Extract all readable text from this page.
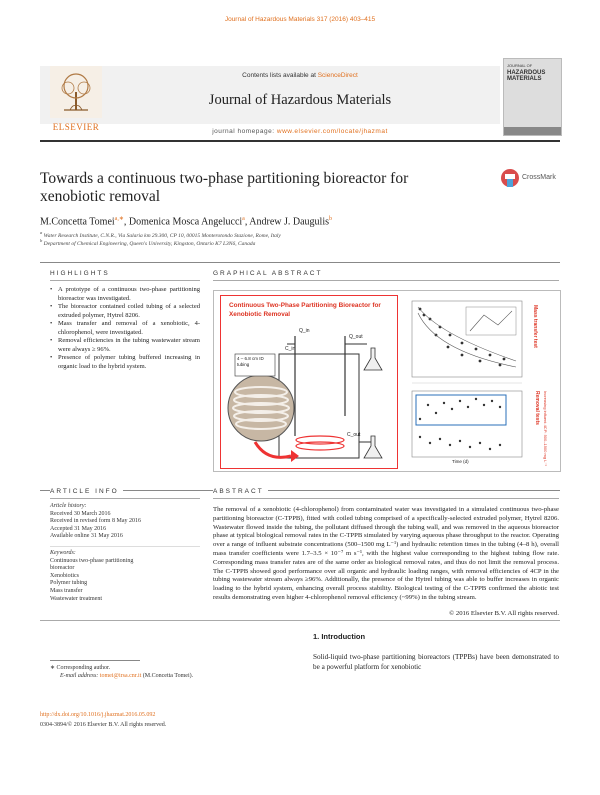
Journal of Hazardous Materials 317 (2016) 403–415
ELSEVIER
Contents lists available at ScienceDirect
Journal of Hazardous Materials
journal homepage: www.elsevier.com/locate/jhazmat
JOURNAL OF
HAZARDOUS
MATERIALS
Towards a continuous two-phase partitioning bioreactor for xenobiotic removal
CrossMark
M.Concetta Tomei$^{a,∗}$, Domenica Mosca Angelucci$^a$, Andrew J. Daugulis$^b$
$^a$ Water Research Institute, C.N.R., Via Salaria km 29.300, CP 10, 00015 Monterotondo Stazione, Rome, Italy
$^b$ Department of Chemical Engineering, Queen's University, Kingston, Ontario K7 L3N6, Canada
HIGHLIGHTS
• A prototype of a continuous two-phase partitioning bioreactor was investigated.
• The bioreactor contained coiled tubing of a selected extruded polymer, Hytrel 8206.
• Mass transfer and removal of a xenobiotic, 4-chlorophenol, were investigated.
• Removal efficiencies in the tubing wastewater stream were always ≥ 96%.
• Presence of polymer tubing buffered increasing in organic load to the hybrid system.
GRAPHICAL ABSTRACT
Continuous Two-Phase Partitioning Bioreactor for Xenobiotic Removal
Q_in
Q_out
C_in
C_out
4 – 6.8 cm ID tubing
Mass transfer test
Removal tests Increasing influent 4CP: 500–1500 mg L⁻¹
Time (d)
ARTICLE INFO
Article history:
Received 30 March 2016
Received in revised form 8 May 2016
Accepted 31 May 2016
Available online 31 May 2016
Keywords:
Continuous two-phase partitioning
bioreactor
Xenobiotics
Polymer tubing
Mass transfer
Wastewater treatment
ABSTRACT
The removal of a xenobiotic (4-chlorophenol) from contaminated water was investigated in a simulated continuous two-phase partitioning bioreactor (C-TPPB), fitted with coiled tubing comprised of a specifically-selected extruded polymer, Hytrel 8206. Wastewater flowed inside the tubing, the pollutant diffused through the tubing wall, and was removed in the aqueous bioreactor phase at typical biological removal rates in the C-TPPB simulated by varying aqueous phase throughput to the reactor. Operating over a range of influent substrate concentrations (500–1500 mg L⁻¹) and hydraulic retention times in the tubing (4–8 h), overall mass transfer coefficients were 1.7–3.5 × 10⁻⁷ m s⁻¹, with the highest value corresponding to the highest tubing flow rate. Corresponding mass transfer rates are of the same order as biological removal rates, and thus do not limit the removal process. The C-TPPB showed good performance over all organic and hydraulic loading ranges, with removal efficiencies of 4CP in the tubing wastewater stream always ≥96%. Additionally, the presence of the Hytrel tubing was able to buffer increases in organic loading to the hybrid system, enhancing overall process stability. Biological testing of the C-TPPB confirmed the abiotic test results demonstrating even higher 4-chlorophenol removal efficiency (~99%) in the tubing stream.
© 2016 Elsevier B.V. All rights reserved.
1. Introduction
Solid-liquid two-phase partitioning bioreactors (TPPBs) have been demonstrated to be a powerful platform for xenobiotic
∗ Corresponding author.
E-mail address: tomei@irsa.cnr.it (M.Concetta Tomei).
http://dx.doi.org/10.1016/j.jhazmat.2016.05.092
0304-3894/© 2016 Elsevier B.V. All rights reserved.
